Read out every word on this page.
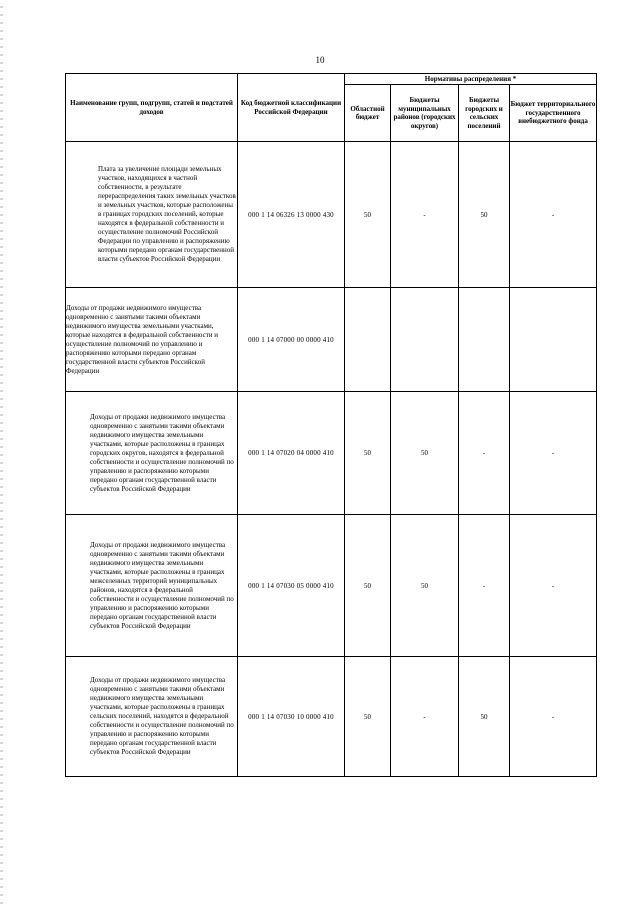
10
Наименование групп, подгрупп, статей и подстатей доходов	Код бюджетной классификации Российской Федерации	Нормативы распределения *			
		Областной бюджет	Бюджеты муниципальных районов (городских округов)	Бюджеты городских и сельских поселений	Бюджет территориального государственного внебюджетного фонда
Плата за увеличение площади земельных участков, находящихся в частной собственности, в результате перераспределения таких земельных участков и земельных участков, которые расположены в границах городских поселений, которые находятся в федеральной собственности и осуществление полномочий Российской Федерации по управлению и распоряжению которыми передано органам государственной власти субъектов Российской Федерации	000 1 14 06326 13 0000 430	50	-	50	-
Доходы от продажи недвижимого имущества одновременно с занятыми такими объектами недвижимого имущества земельными участками, которые находятся в федеральной собственности и осуществление полномочий по управлению и распоряжению которыми передано органам государственной власти субъектов Российской Федерации	000 1 14 07000 00 0000 410				
Доходы от продажи недвижимого имущества одновременно с занятыми такими объектами недвижимого имущества земельными участками, которые расположены в границах городских округов, находятся в федеральной собственности и осуществление полномочий по управлению и распоряжению которыми передано органам государственной власти субъектов Российской Федерации	000 1 14 07020 04 0000 410	50	50	-	-
Доходы от продажи недвижимого имущества одновременно с занятыми такими объектами недвижимого имущества земельными участками, которые расположены в границах межселенных территорий муниципальных районов, находятся в федеральной собственности и осуществление полномочий по управлению и распоряжению которыми передано органам государственной власти субъектов Российской Федерации	000 1 14 07030 05 0000 410	50	50	-	-
Доходы от продажи недвижимого имущества одновременно с занятыми такими объектами недвижимого имущества земельными участками, которые расположены в границах сельских поселений, находятся в федеральной собственности и осуществление полномочий по управлению и распоряжению которыми передано органам государственной власти субъектов Российской Федерации	000 1 14 07030 10 0000 410	50	-	50	-
